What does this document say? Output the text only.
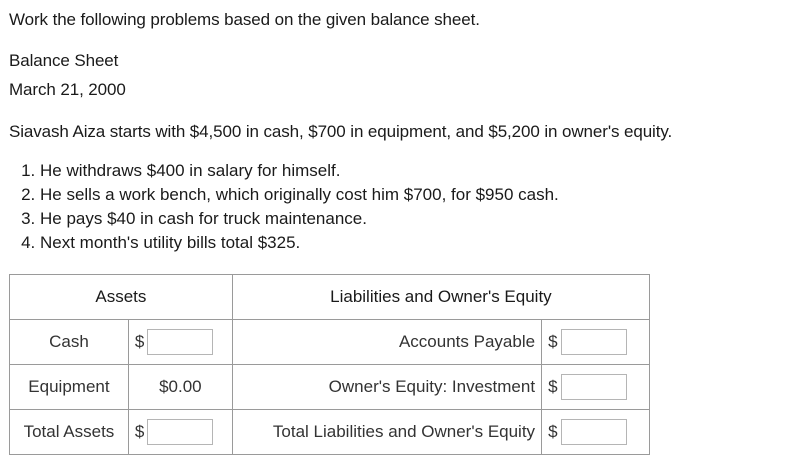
Work the following problems based on the given balance sheet.
Balance Sheet
March 21, 2000
Siavash Aiza starts with $4,500 in cash, $700 in equipment, and $5,200 in owner's equity.
1. He withdraws $400 in salary for himself.
2. He sells a work bench, which originally cost him $700, for $950 cash.
3. He pays $40 in cash for truck maintenance.
4. Next month's utility bills total $325.
Assets		Liabilities and Owner's Equity	
Cash	$	Accounts Payable	$

Equipment	$0.00	Owner's Equity: Investment	$

Total Assets	$	Total Liabilities and Owner's Equity	$
